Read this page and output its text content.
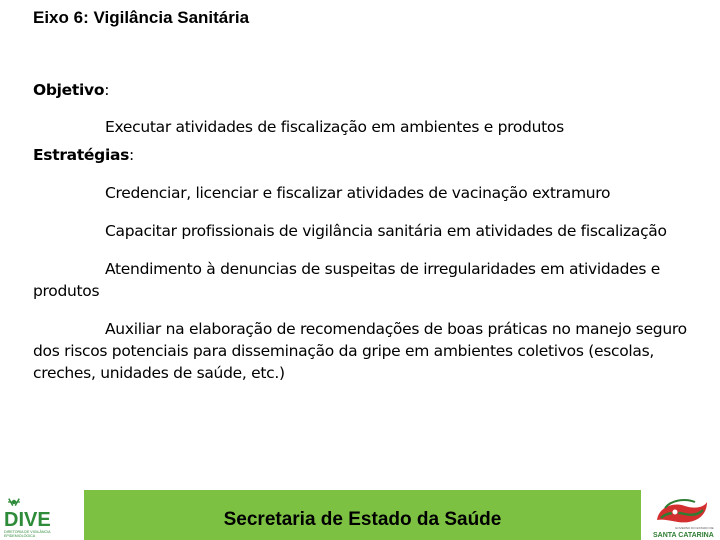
Eixo 6: Vigilância Sanitária
Objetivo:
Executar atividades de fiscalização em ambientes e produtos
Estratégias:
Credenciar, licenciar e fiscalizar atividades de vacinação extramuro
Capacitar profissionais de vigilância sanitária em atividades de fiscalização
Atendimento à denuncias de suspeitas de irregularidades em atividades e produtos
Auxiliar na elaboração de recomendações de boas práticas no manejo seguro dos riscos potenciais para disseminação da gripe em ambientes coletivos (escolas, creches, unidades de saúde, etc.)
Secretaria de Estado da Saúde
DIVE
DIRETORIA DE VIGILÂNCIA
EPIDEMIOLÓGICA
GOVERNO DO ESTADO DE
SANTA CATARINA
